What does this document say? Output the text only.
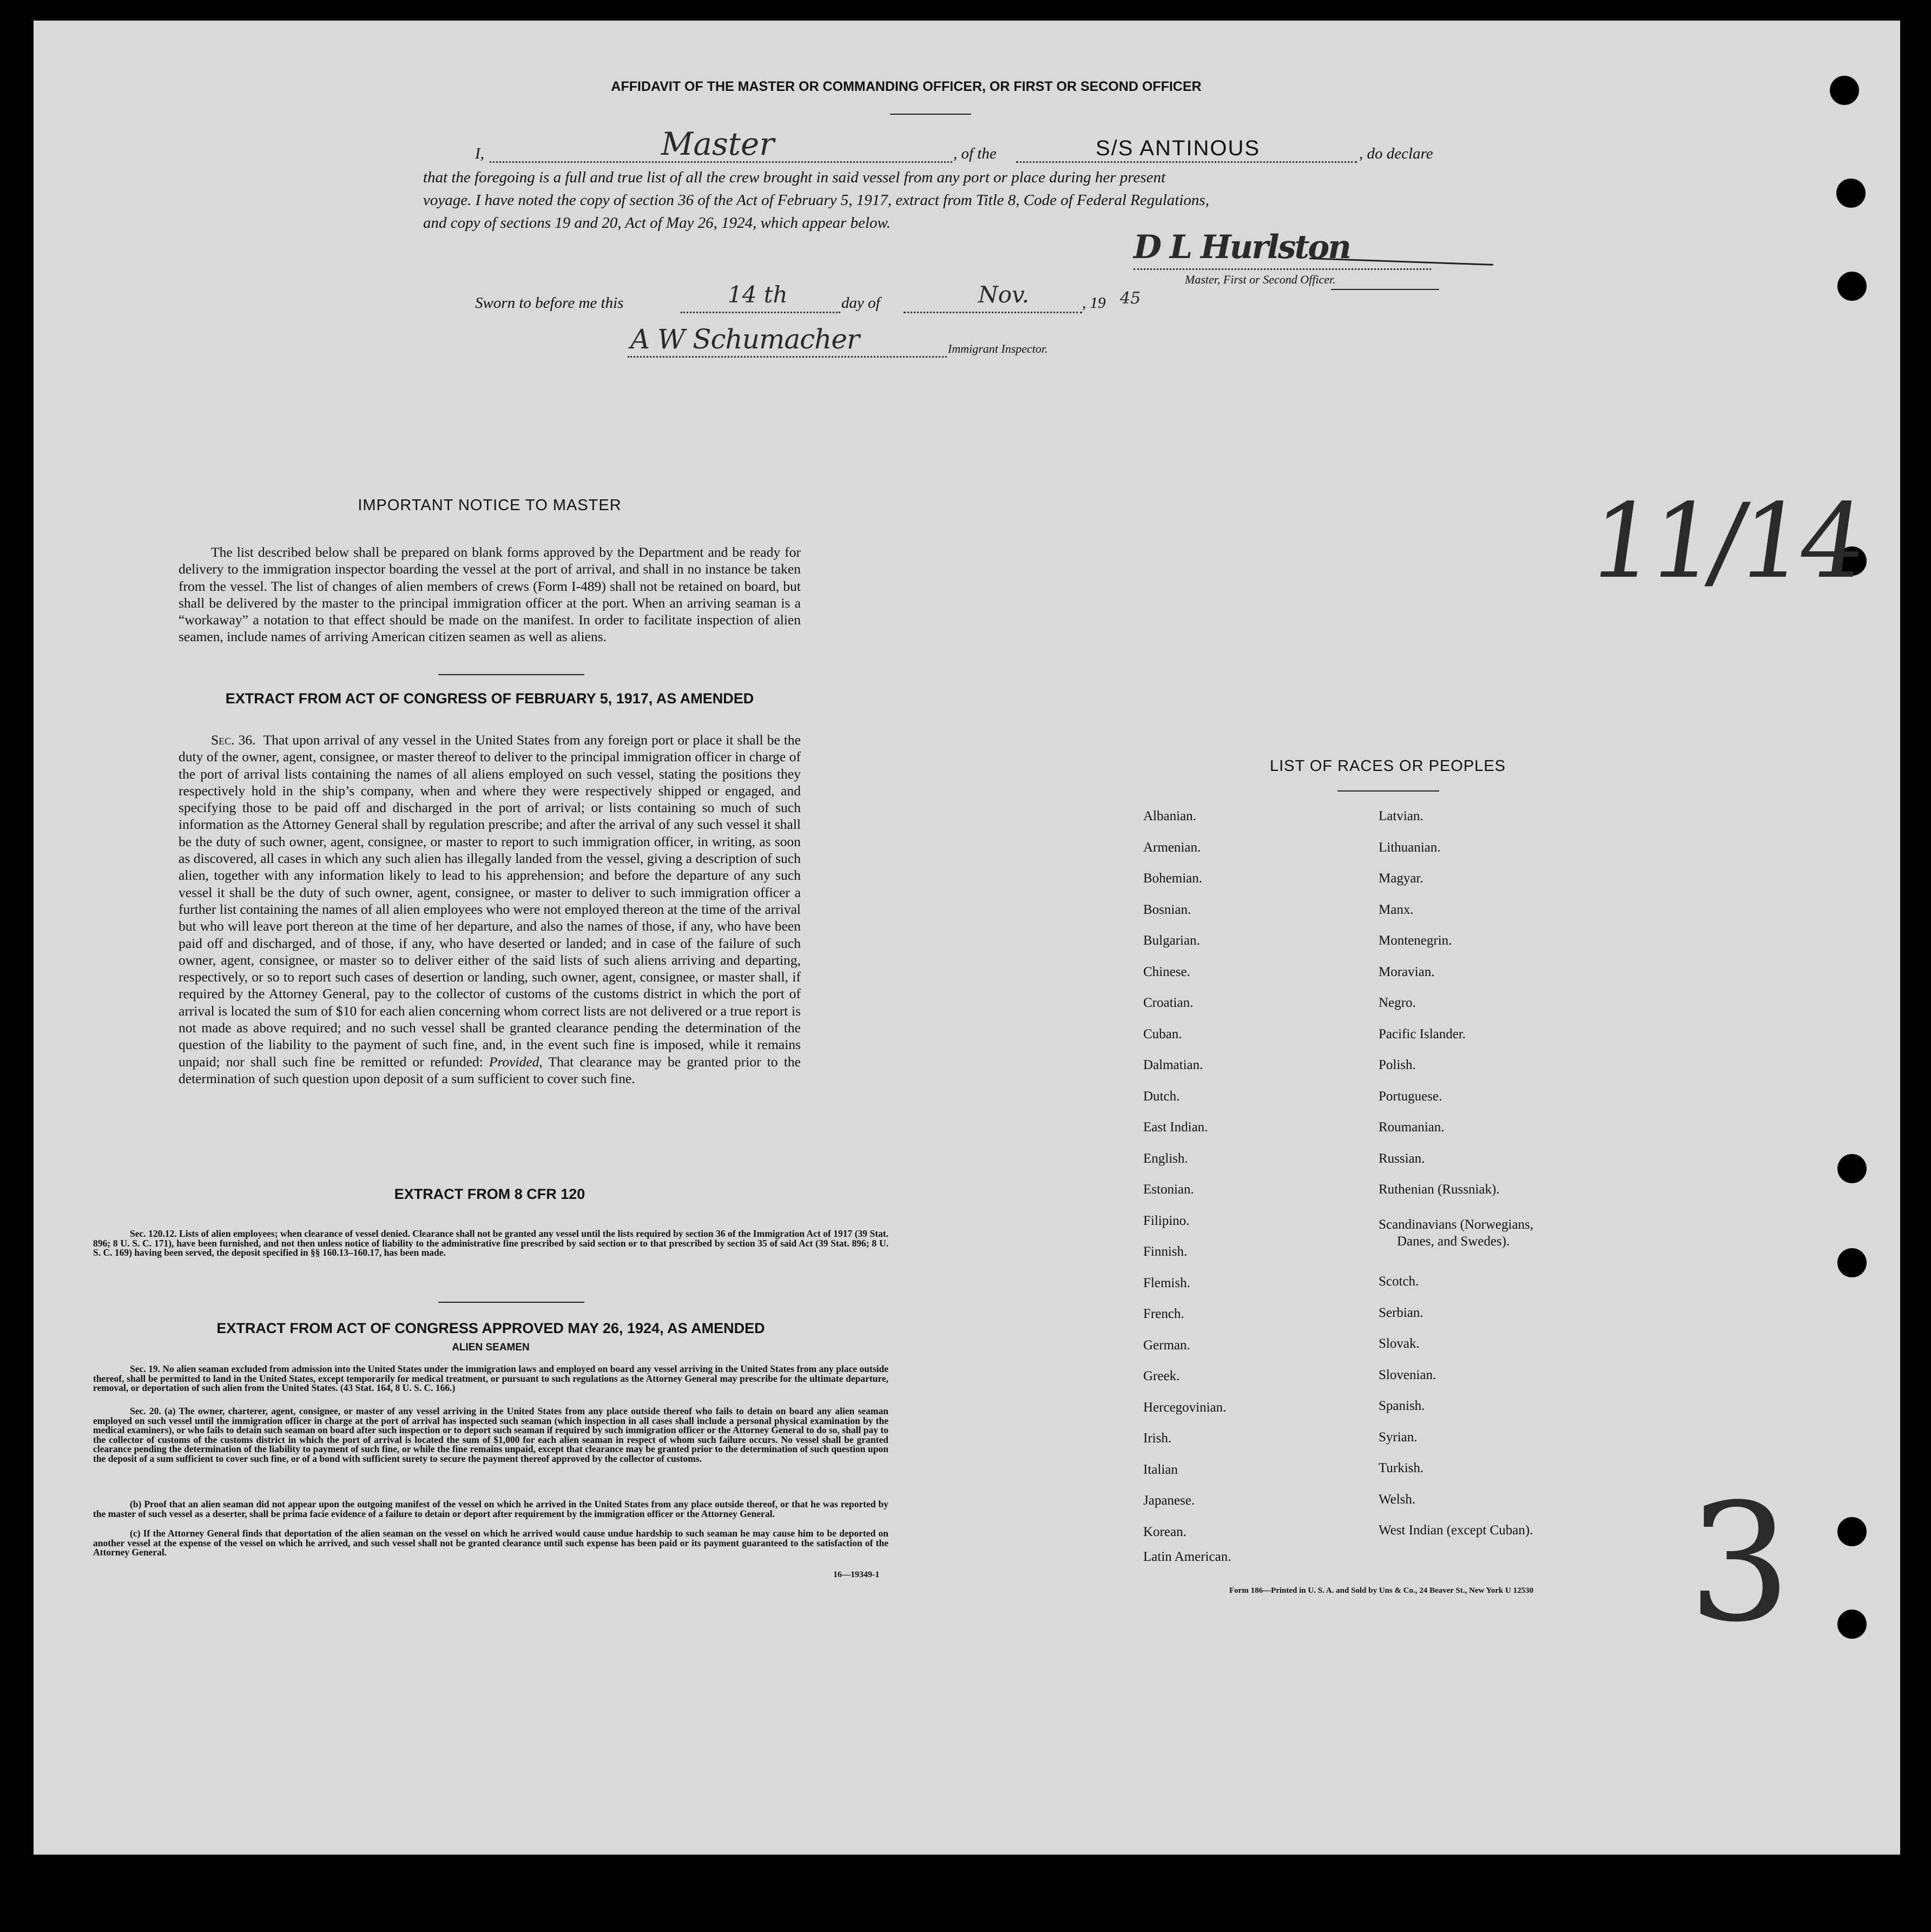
AFFIDAVIT OF THE MASTER OR COMMANDING OFFICER, OR FIRST OR SECOND OFFICER
I,	Master	, of the	S/S ANTINOUS	, do declare
that the foregoing is a full and true list of all the crew brought in said vessel from any port or place during her present
voyage. I have noted the copy of section 36 of the Act of February 5, 1917, extract from Title 8, Code of Federal Regulations,
and copy of sections 19 and 20, Act of May 26, 1924, which appear below.
D L Hurlston
Master, First or Second Officer.
Sworn to before me this	14 th	day of	Nov.	, 19 45
A W Schumacher	Immigrant Inspector.
IMPORTANT NOTICE TO MASTER
The list described below shall be prepared on blank forms approved by the Department and be ready for delivery to the immigration inspector boarding the vessel at the port of arrival, and shall in no instance be taken from the vessel. The list of changes of alien members of crews (Form I-489) shall not be retained on board, but shall be delivered by the master to the principal immigration officer at the port. When an arriving seaman is a “workaway” a notation to that effect should be made on the manifest. In order to facilitate inspection of alien seamen, include names of arriving American citizen seamen as well as aliens.
EXTRACT FROM ACT OF CONGRESS OF FEBRUARY 5, 1917, AS AMENDED
Sec. 36. That upon arrival of any vessel in the United States from any foreign port or place it shall be the duty of the owner, agent, consignee, or master thereof to deliver to the principal immigration officer in charge of the port of arrival lists containing the names of all aliens employed on such vessel, stating the positions they respectively hold in the ship’s company, when and where they were respectively shipped or engaged, and specifying those to be paid off and discharged in the port of arrival; or lists containing so much of such information as the Attorney General shall by regulation prescribe; and after the arrival of any such vessel it shall be the duty of such owner, agent, consignee, or master to report to such immigration officer, in writing, as soon as discovered, all cases in which any such alien has illegally landed from the vessel, giving a description of such alien, together with any information likely to lead to his apprehension; and before the departure of any such vessel it shall be the duty of such owner, agent, consignee, or master to deliver to such immigration officer a further list containing the names of all alien employees who were not employed thereon at the time of the arrival but who will leave port thereon at the time of her departure, and also the names of those, if any, who have been paid off and discharged, and of those, if any, who have deserted or landed; and in case of the failure of such owner, agent, consignee, or master so to deliver either of the said lists of such aliens arriving and departing, respectively, or so to report such cases of desertion or landing, such owner, agent, consignee, or master shall, if required by the Attorney General, pay to the collector of customs of the customs district in which the port of arrival is located the sum of $10 for each alien concerning whom correct lists are not delivered or a true report is not made as above required; and no such vessel shall be granted clearance pending the determination of the question of the liability to the payment of such fine, and, in the event such fine is imposed, while it remains unpaid; nor shall such fine be remitted or refunded: Provided, That clearance may be granted prior to the determination of such question upon deposit of a sum sufficient to cover such fine.
EXTRACT FROM 8 CFR 120
Sec. 120.12. Lists of alien employees; when clearance of vessel denied. Clearance shall not be granted any vessel until the lists required by section 36 of the Immigration Act of 1917 (39 Stat. 896; 8 U. S. C. 171), have been furnished, and not then unless notice of liability to the administrative fine prescribed by said section or to that prescribed by section 35 of said Act (39 Stat. 896; 8 U. S. C. 169) having been served, the deposit specified in §§ 160.13–160.17, has been made.
EXTRACT FROM ACT OF CONGRESS APPROVED MAY 26, 1924, AS AMENDED
ALIEN SEAMEN
Sec. 19. No alien seaman excluded from admission into the United States under the immigration laws and employed on board any vessel arriving in the United States from any place outside thereof, shall be permitted to land in the United States, except temporarily for medical treatment, or pursuant to such regulations as the Attorney General may prescribe for the ultimate departure, removal, or deportation of such alien from the United States. (43 Stat. 164, 8 U. S. C. 166.)
Sec. 20. (a) The owner, charterer, agent, consignee, or master of any vessel arriving in the United States from any place outside thereof who fails to detain on board any alien seaman employed on such vessel until the immigration officer in charge at the port of arrival has inspected such seaman (which inspection in all cases shall include a personal physical examination by the medical examiners), or who fails to detain such seaman on board after such inspection or to deport such seaman if required by such immigration officer or the Attorney General to do so, shall pay to the collector of customs of the customs district in which the port of arrival is located the sum of $1,000 for each alien seaman in respect of whom such failure occurs. No vessel shall be granted clearance pending the determination of the liability to payment of such fine, or while the fine remains unpaid, except that clearance may be granted prior to the determination of such question upon the deposit of a sum sufficient to cover such fine, or of a bond with sufficient surety to secure the payment thereof approved by the collector of customs.
(b) Proof that an alien seaman did not appear upon the outgoing manifest of the vessel on which he arrived in the United States from any place outside thereof, or that he was reported by the master of such vessel as a deserter, shall be prima facie evidence of a failure to detain or deport after requirement by the immigration officer or the Attorney General.
(c) If the Attorney General finds that deportation of the alien seaman on the vessel on which he arrived would cause undue hardship to such seaman he may cause him to be deported on another vessel at the expense of the vessel on which he arrived, and such vessel shall not be granted clearance until such expense has been paid or its payment guaranteed to the satisfaction of the Attorney General.
16—19349-1
11/14
LIST OF RACES OR PEOPLES
Albanian.
Armenian.
Bohemian.
Bosnian.
Bulgarian.
Chinese.
Croatian.
Cuban.
Dalmatian.
Dutch.
East Indian.
English.
Estonian.
Filipino.
Finnish.
Flemish.
French.
German.
Greek.
Hercegovinian.
Irish.
Italian
Japanese.
Korean.
Latin American.
Latvian.
Lithuanian.
Magyar.
Manx.
Montenegrin.
Moravian.
Negro.
Pacific Islander.
Polish.
Portuguese.
Roumanian.
Russian.
Ruthenian (Russniak).
Scandinavians (Norwegians,
Danes, and Swedes).
Scotch.
Serbian.
Slovak.
Slovenian.
Spanish.
Syrian.
Turkish.
Welsh.
West Indian (except Cuban).
Form 186—Printed in U. S. A. and Sold by Uns & Co., 24 Beaver St., New York U 12530 3
